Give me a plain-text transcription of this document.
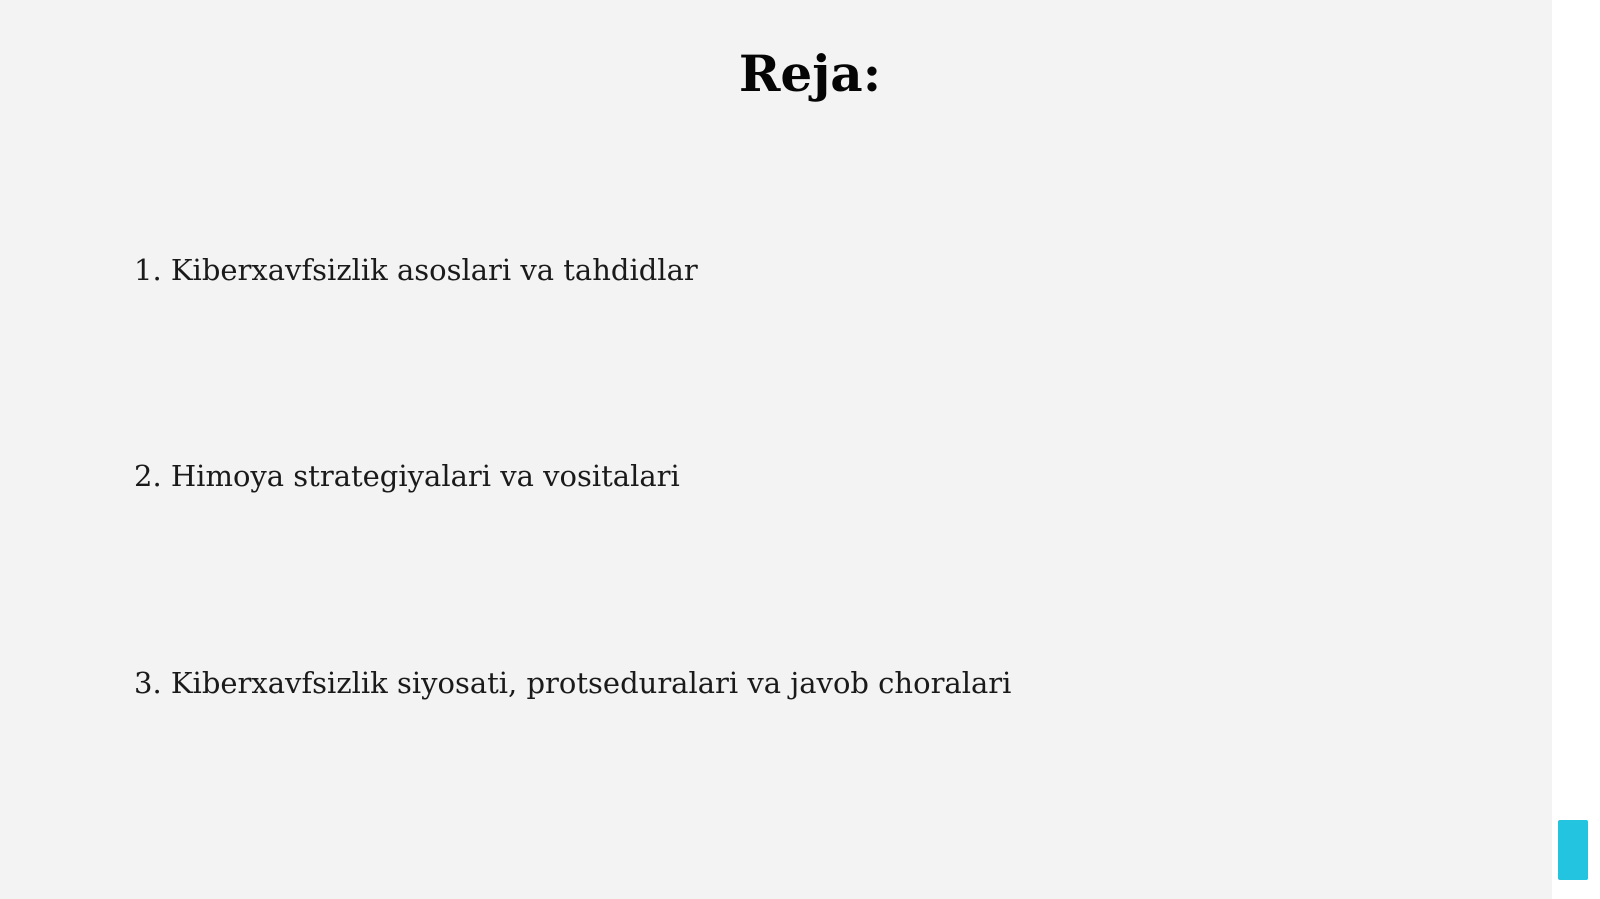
Reja:

1. Kiberxavfsizlik asoslari va tahdidlar

2. Himoya strategiyalari va vositalari

3. Kiberxavfsizlik siyosati, protseduralari va javob choralari
